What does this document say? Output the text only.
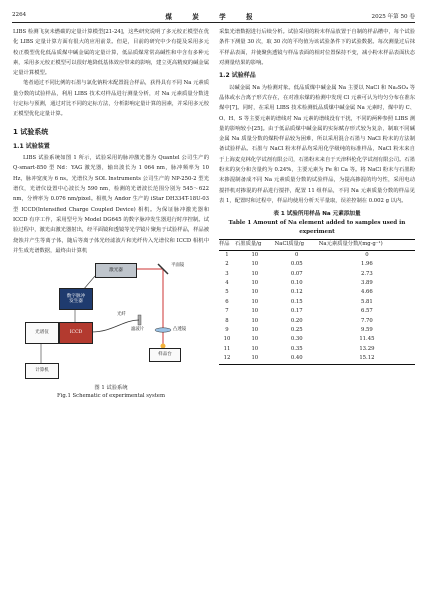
2264	煤 炭 学 报	2025 年第 50 卷

LIBS 检测飞灰未燃碳的定量计算模型[21-24]，这些研究说明了多元校正模型在优化 LIBS 定量计算方面有很大的应用前景。但是，目前的研究中少有提及采用多元校正模型优化低品质煤中碱金属的定量计算，低品质煤常常高碱性和中含有多种元素，采用多元校正模型可以很好地降低基体效应带来的影响，建立更高精度的碱金属定量计算模型。

笔者通过不同比例的石墨与氯化钠粉末配置混合样品，获得具有不同 Na 元素质量分数的试验样品，利用 LIBS 技术对样品进行测量分析，对 Na 元素质量分数进行定标与预测，通过对比不同的定标方法，分析影响定量计算的因素，并采用多元校正模型优化定量计算。

1 试验系统
1.1 试验装置

LIBS 试验系统如图 1 所示，试验采用的脉冲激光器为 Quantel 公司生产的 Q-smart-850 型 Nd：YAG 激光器，输出波长为 1 064 nm，脉冲频率为 10 Hz，脉冲宽度为 6 ns。光谱仪为 SOL Instruments 公司生产的 NP-250-2 型光谱仪，光谱仪设置中心波长为 590 nm，检测的光谱波长范围分别为 545～622 nm，分辨率为 0.076 nm/pixel。相机为 Andor 生产的 iStar DH334T-18U-03 型 ICCD(Intensified Charge Coupled Device) 相机。为保证脉冲激光器和 ICCD 有序工作，采用型号为 Model DG645 的数字脉冲发生器进行时序控制。试验过程中，激光由激光器射出，经平面镜和透镜等光学镜片聚焦于试验样品，样品被烧蚀并产生等离子体，随后等离子体光经滤波片和光纤传入光谱仪和 ICCD 相机中并生成光谱数据，最终由计算机

激光器
平面镜
数字脉冲
发生器
光谱仪	ICCD
光纤
滤波片	凸透镜
样品台
计算机
图 1 试验系统
Fig.1 Schematic of experimental system

采集光谱数据进行后续分析。试验采用的粉末样品放置于自制的样品槽中，每个试验条件下测量 30 次，取 30 次的平均值为该试验条件下的试验数据。每次测量过后抹平样品表面，并使聚焦透镜与样品表面的相对位置保持不变，减小粉末样品表面状态对测量结果的影响。

1.2 试验样品

以碱金属 Na 为检测对象。低品质煤中碱金属 Na 主要以 NaCl 和 Na₂SO₄ 等晶体或水合离子形式存在，在对准东煤的检测中发现 Cl 元素可认为均匀分布在准东煤中[7]。同时，在采用 LIBS 技术检测低品质煤中碱金属 Na 元素时，煤中的 C、O、H、S 等主要元素的谱线对 Na 元素的谱线没有干扰，不同的两种参照 LIBS 测量的影响较小[25]。由于低品质煤中碱金属的实际赋存形式较为复杂，制取不同碱金属 Na 质量分数的煤粉样品较为困难，所以采用混合石墨与 NaCl 粉末的方法制备试验样品。石墨与 NaCl 粉末样品均采用化学级纯的标准样品，NaCl 粉末来自于上海麦克林化学试剂有限公司，石墨粉末来自于天津科伦化学试剂有限公司。石墨粉末的灰分和含量约为 0.24%，主要元素为 Fe 和 Ca 等。将 NaCl 粉末与石墨粉末掺混制备成不同 Na 元素质量分数的试验样品，为提高掺混的均匀性，采用电动搅拌机对掺混的样品进行搅拌，配置 11 组样品，不同 Na 元素质量分数的样品见表 1，配置时和过程中，样品均使用分析天平量取，误差控制在 0.002 g 以内。

表 1 试验所用样品 Na 元素添加量
Table 1 Amount of Na element added to samples used in experiment
样品	石墨质量/g	NaCl质量/g	Na元素质量分数/(mg·g⁻¹)
1	10	0	0
2	10	0.05	1.96
3	10	0.07	2.73
4	10	0.10	3.89
5	10	0.12	4.66
6	10	0.15	5.81
7	10	0.17	6.57
8	10	0.20	7.70
9	10	0.25	9.59
10	10	0.30	11.45
11	10	0.35	13.29
12	10	0.40	15.12
